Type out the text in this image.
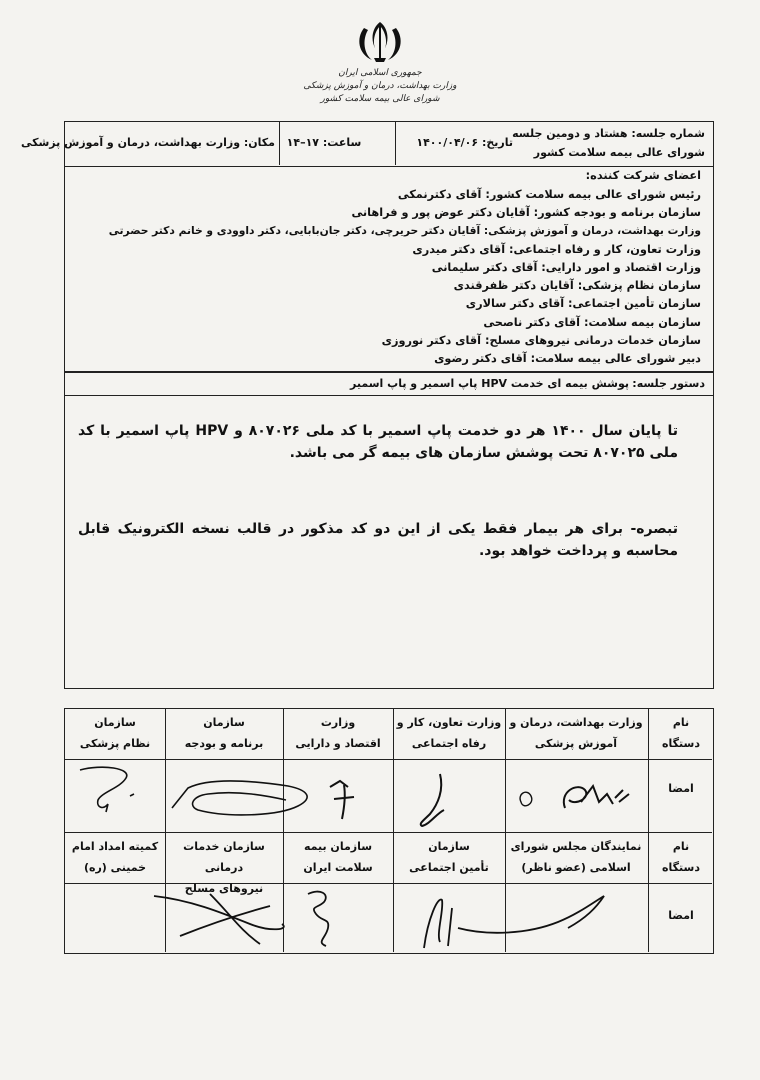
جمهوری اسلامی ایران
وزارت بهداشت، درمان و آموزش پزشکی
شورای عالی بیمه سلامت کشور
شماره جلسه: هشتاد و دومین جلسه
شورای عالی بیمه سلامت کشور
تاریخ: ۱۴۰۰/۰۴/۰۶
ساعت: ۱۷–۱۴
مکان: وزارت بهداشت، درمان و آموزش پزشکی
اعضای شرکت کننده:
رئیس شورای عالی بیمه سلامت کشور: آقای دکترنمکی
سازمان برنامه و بودجه کشور: آقایان دکتر عوض پور و فراهانی
وزارت بهداشت، درمان و آموزش پزشکی: آقایان دکتر حریرچی، دکتر جان‌بابایی، دکتر داوودی و خانم دکتر حضرتی
وزارت تعاون، کار و رفاه اجتماعی: آقای دکتر میدری
وزارت اقتصاد و امور دارایی: آقای دکتر سلیمانی
سازمان نظام پزشکی: آقایان دکتر ظفرقندی
سازمان تأمین اجتماعی: آقای دکتر سالاری
سازمان بیمه سلامت: آقای دکتر ناصحی
سازمان خدمات درمانی نیروهای مسلح: آقای دکتر نوروزی
دبیر شورای عالی بیمه سلامت: آقای دکتر رضوی
دستور جلسه:
پوشش بیمه ای خدمت HPV پاپ اسمیر و پاپ اسمیر
تا پایان سال ۱۴۰۰ هر دو خدمت پاپ اسمیر با کد ملی ۸۰۷۰۲۶ و HPV پاپ اسمیر با کد ملی ۸۰۷۰۲۵ تحت پوشش سازمان های بیمه گر می باشد.
تبصره- برای هر بیمار فقط یکی از این دو کد مذکور در قالب نسخه الکترونیک قابل محاسبه و پرداخت خواهد بود.
نام
دستگاه
امضا
نام
دستگاه
امضا
وزارت بهداشت، درمان و
آموزش پزشکی
وزارت تعاون، کار و
رفاه اجتماعی
وزارت
اقتصاد و دارایی
سازمان
برنامه و بودجه
سازمان
نظام پزشکی
نمایندگان مجلس شورای
اسلامی (عضو ناظر)
سازمان
تأمین اجتماعی
سازمان بیمه
سلامت ایران
سازمان خدمات درمانی
نیروهای مسلح
کمیته امداد امام
خمینی (ره)
